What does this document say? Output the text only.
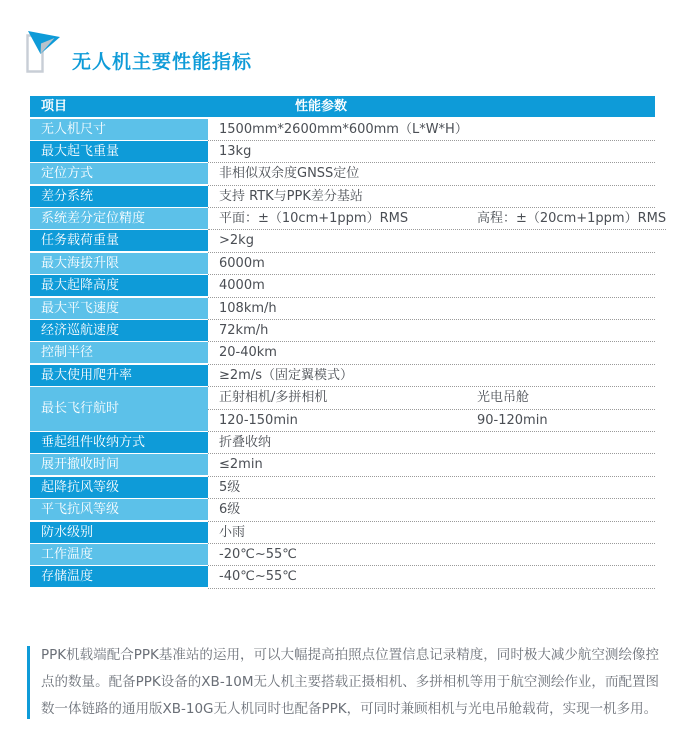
无人机主要性能指标
项目	性能参数
无人机尺寸	1500mm*2600mm*600mm（L*W*H）
最大起飞重量	13kg
定位方式	非相似双余度GNSS定位
差分系统	支持 RTK与PPK差分基站
系统差分定位精度	平面：±（10cm+1ppm）RMS	高程：±（20cm+1ppm）RMS
任务载荷重量	>2kg
最大海拔升限	6000m
最大起降高度	4000m
最大平飞速度	108km/h
经济巡航速度	72km/h
控制半径	20-40km
最大使用爬升率	≥2m/s（固定翼模式）
最长飞行航时
正射相机/多拼相机	光电吊舱
120-150min	90-120min
垂起组件收纳方式	折叠收纳
展开撤收时间	≤2min
起降抗风等级	5级
平飞抗风等级	6级
防水级别	小雨
工作温度	-20℃~55℃
存储温度	-40℃~55℃

PPK机载端配合PPK基准站的运用，可以大幅提高拍照点位置信息记录精度，同时极大减少航空测绘像控点的数量。配备PPK设备的XB-10M无人机主要搭载正摄相机、多拼相机等用于航空测绘作业，而配置图数一体链路的通用版XB-10G无人机同时也配备PPK，可同时兼顾相机与光电吊舱载荷，实现一机多用。
